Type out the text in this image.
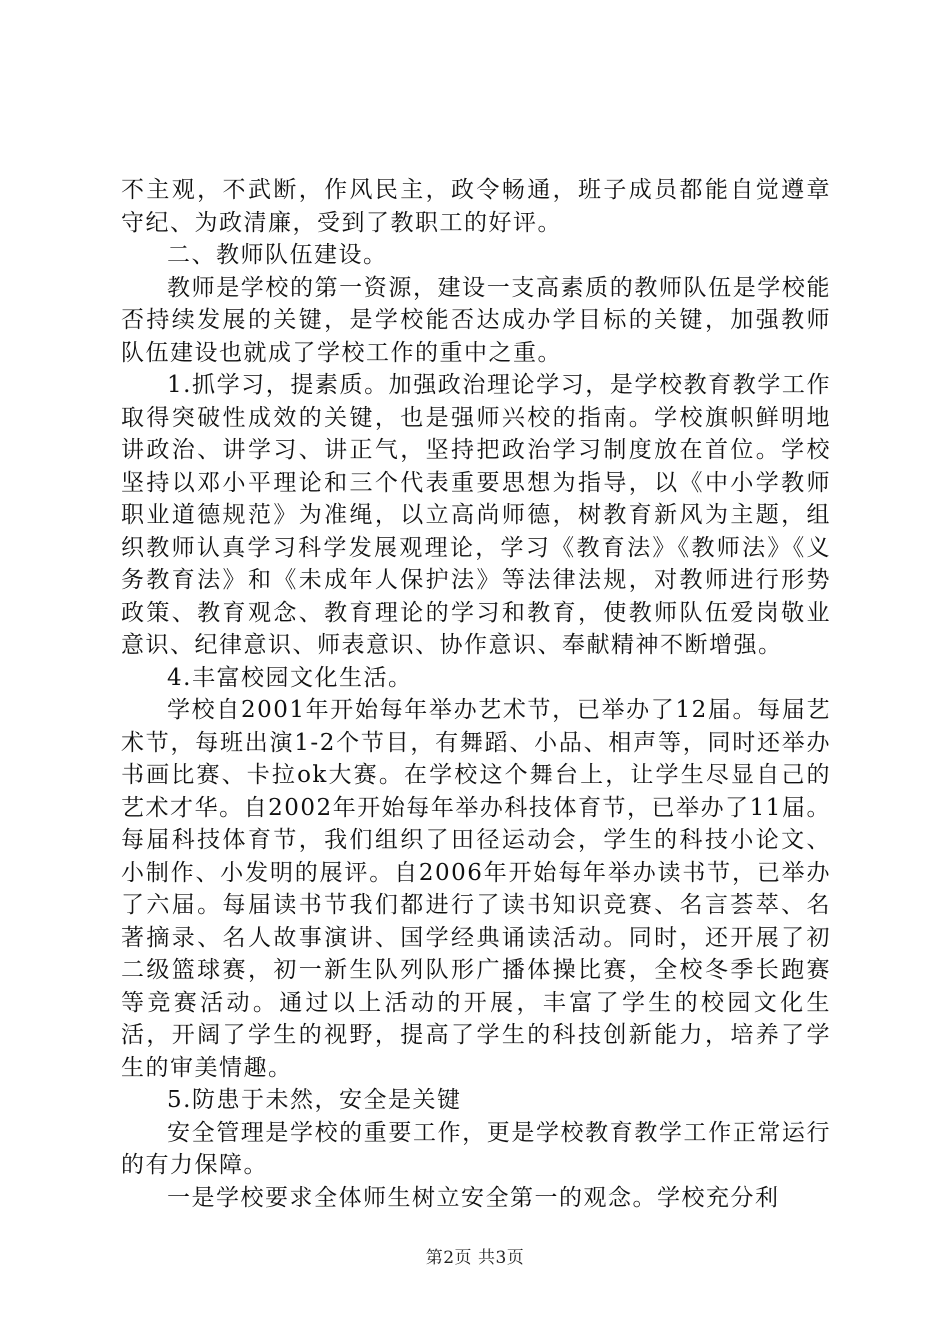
不主观，不武断，作风民主，政令畅通，班子成员都能自觉遵章守纪、为政清廉，受到了教职工的好评。

二、教师队伍建设。

教师是学校的第一资源，建设一支高素质的教师队伍是学校能否持续发展的关键，是学校能否达成办学目标的关键，加强教师队伍建设也就成了学校工作的重中之重。

1.抓学习，提素质。加强政治理论学习，是学校教育教学工作取得突破性成效的关键，也是强师兴校的指南。学校旗帜鲜明地讲政治、讲学习、讲正气，坚持把政治学习制度放在首位。学校坚持以邓小平理论和三个代表重要思想为指导，以《中小学教师职业道德规范》为准绳，以立高尚师德，树教育新风为主题，组织教师认真学习科学发展观理论，学习《教育法》《教师法》《义务教育法》和《未成年人保护法》等法律法规，对教师进行形势政策、教育观念、教育理论的学习和教育，使教师队伍爱岗敬业意识、纪律意识、师表意识、协作意识、奉献精神不断增强。

4.丰富校园文化生活。

学校自2001年开始每年举办艺术节，已举办了12届。每届艺术节，每班出演1-2个节目，有舞蹈、小品、相声等，同时还举办书画比赛、卡拉ok大赛。在学校这个舞台上，让学生尽显自己的艺术才华。自2002年开始每年举办科技体育节，已举办了11届。每届科技体育节，我们组织了田径运动会，学生的科技小论文、小制作、小发明的展评。自2006年开始每年举办读书节，已举办了六届。每届读书节我们都进行了读书知识竞赛、名言荟萃、名著摘录、名人故事演讲、国学经典诵读活动。同时，还开展了初二级篮球赛，初一新生队列队形广播体操比赛，全校冬季长跑赛等竞赛活动。通过以上活动的开展，丰富了学生的校园文化生活，开阔了学生的视野，提高了学生的科技创新能力，培养了学生的审美情趣。

5.防患于未然，安全是关键

安全管理是学校的重要工作，更是学校教育教学工作正常运行的有力保障。

一是学校要求全体师生树立安全第一的观念。学校充分利

第2页 共3页
